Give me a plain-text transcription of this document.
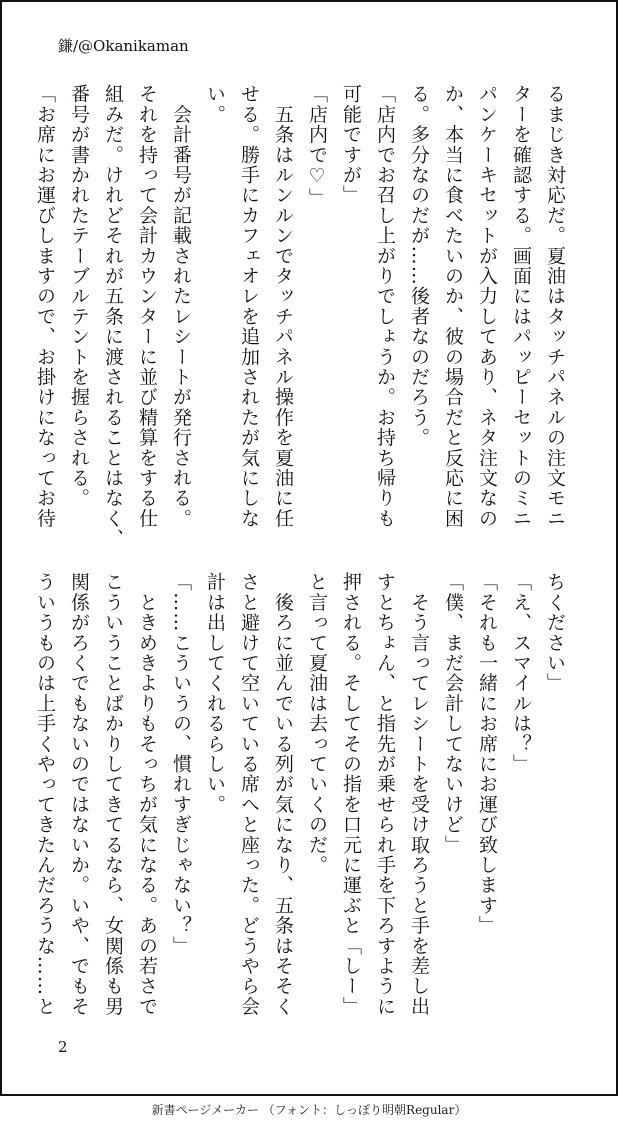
鎌/@Okanikaman
るまじき対応だ。夏油はタッチパネルの注文モニ
ターを確認する。画面にはパッピーセットのミニ
パンケーキセットが入力してあり、ネタ注文なの
か、本当に食べたいのか、彼の場合だと反応に困
る。多分なのだが……後者なのだろう。
「店内でお召し上がりでしょうか。お持ち帰りも
可能ですが」
「店内で♡」
　五条はルンルンでタッチパネル操作を夏油に任
せる。勝手にカフェオレを追加されたが気にしな
い。
　会計番号が記載されたレシートが発行される。
それを持って会計カウンターに並び精算をする仕
組みだ。けれどそれが五条に渡されることはなく、
番号が書かれたテーブルテントを握らされる。
「お席にお運びしますので、お掛けになってお待
ちください」
「え、スマイルは？」
「それも一緒にお席にお運び致します」
「僕、まだ会計してないけど」
　そう言ってレシートを受け取ろうと手を差し出
すとちょん、と指先が乗せられ手を下ろすように
押される。そしてその指を口元に運ぶと「しー」
と言って夏油は去っていくのだ。
　後ろに並んでいる列が気になり、五条はそそく
さと避けて空いている席へと座った。どうやら会
計は出してくれるらしい。
「……こういうの、慣れすぎじゃない？」
　ときめきよりもそっちが気になる。あの若さで
こういうことばかりしてきてるなら、女関係も男
関係がろくでもないのではないか。いや、でもそ
ういうものは上手くやってきたんだろうな……と
2
新書ページメーカー （フォント：しっぽり明朝Regular）
